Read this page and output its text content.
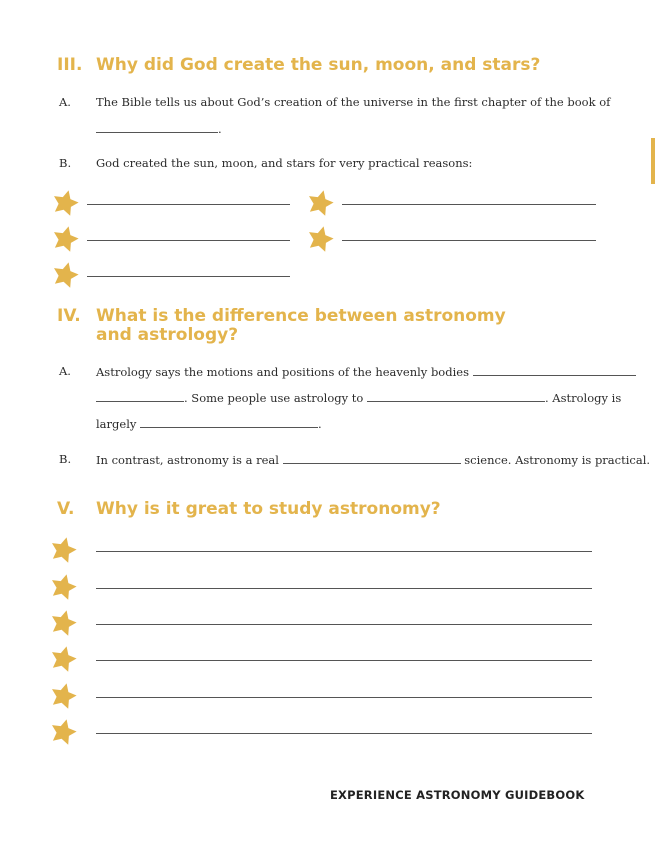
III. Why did God create the sun, moon, and stars?
A. The Bible tells us about God’s creation of the universe in the first chapter of the book of
.
B. God created the sun, moon, and stars for very practical reasons:
IV. What is the difference between astronomy and astrology?
A. Astrology says the motions and positions of the heavenly bodies
. Some people use astrology to	. Astrology is
largely	.
B. In contrast, astronomy is a real	science. Astronomy is practical.
V. Why is it great to study astronomy?
EXPERIENCE ASTRONOMY GUIDEBOOK
